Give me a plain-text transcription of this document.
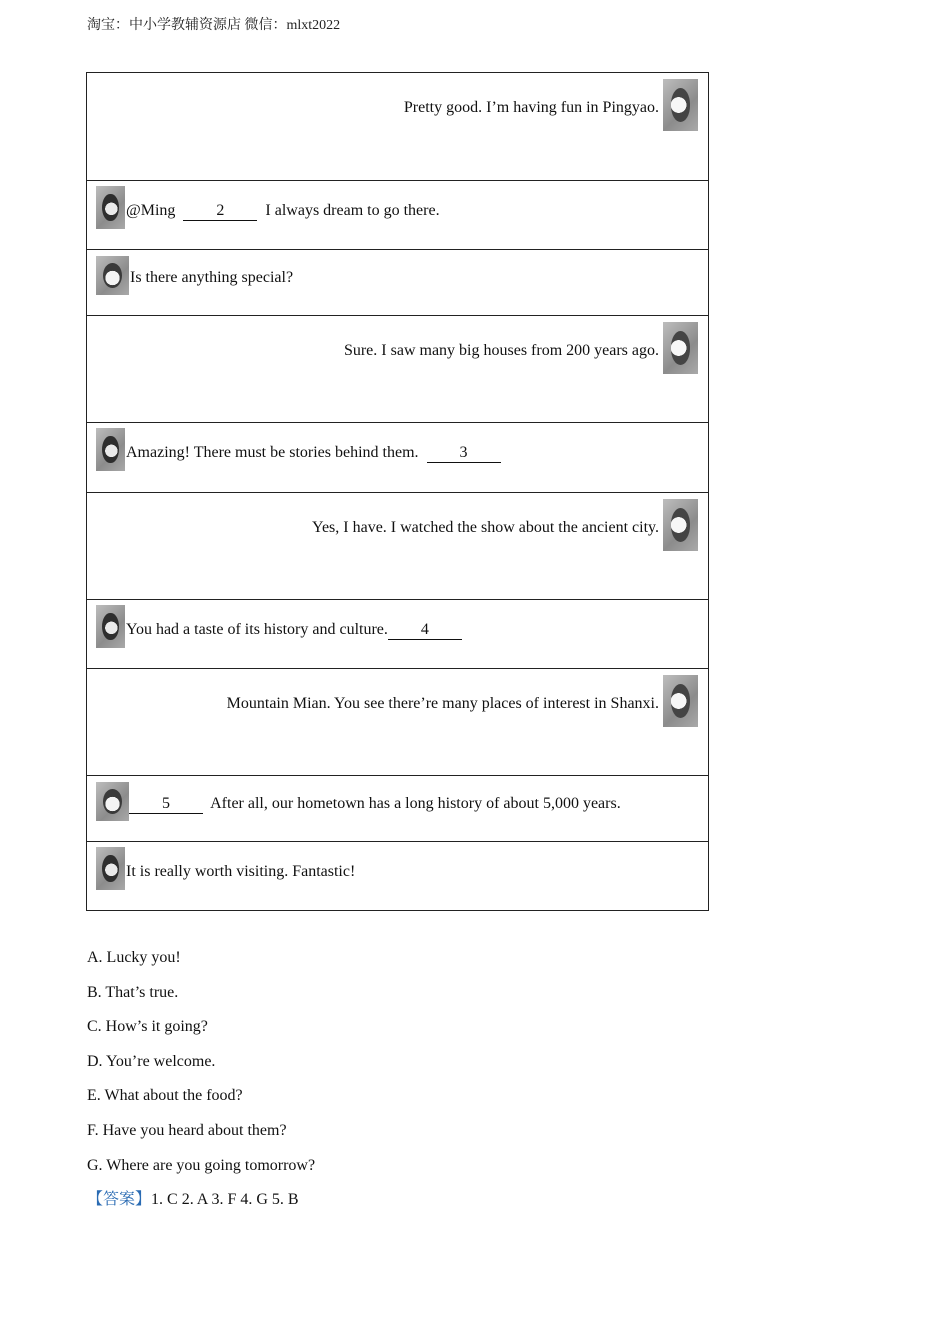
淘宝：中小学教辅资源店 微信：mlxt2022
Pretty good. I’m having fun in Pingyao.

@Ming 2 I always dream to go there.

Is there anything special?

Sure. I saw many big houses from 200 years ago.

Amazing! There must be stories behind them. 3

Yes, I have. I watched the show about the ancient city.

You had a taste of its history and culture. 4

Mountain Mian. You see there’re many places of interest in Shanxi.

5 After all, our hometown has a long history of about 5,000 years.

It is really worth visiting. Fantastic!
A. Lucky you!
B. That’s true.
C. How’s it going?
D. You’re welcome.
E. What about the food?
F. Have you heard about them?
G. Where are you going tomorrow?
【答案】1. C 2. A 3. F 4. G 5. B
